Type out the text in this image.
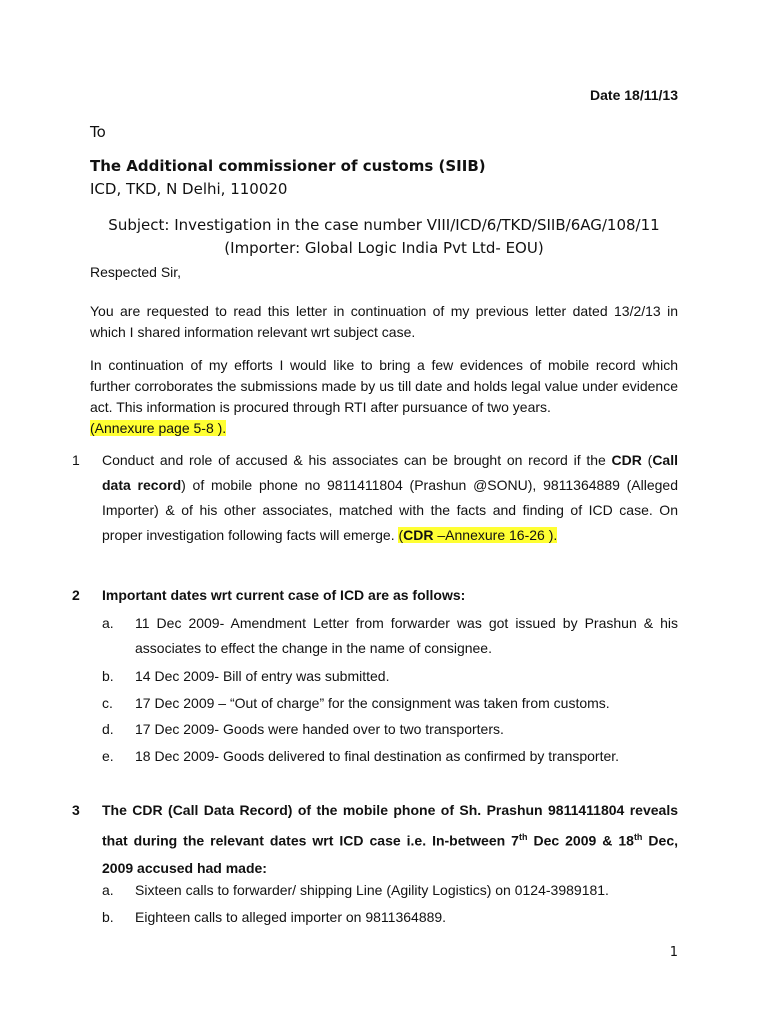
Date 18/11/13
To
The Additional commissioner of customs (SIIB)
ICD, TKD, N Delhi, 110020
Subject: Investigation in the case number VIII/ICD/6/TKD/SIIB/6AG/108/11
(Importer: Global Logic India Pvt Ltd- EOU)
Respected Sir,
You are requested to read this letter in continuation of my previous letter dated 13/2/13 in which I shared information relevant wrt subject case.
In continuation of my efforts I would like to bring a few evidences of mobile record which further corroborates the submissions made by us till date and holds legal value under evidence act. This information is procured through RTI after pursuance of two years.
(Annexure page 5-8 ).
1 Conduct and role of accused & his associates can be brought on record if the CDR (Call data record) of mobile phone no 9811411804 (Prashun @SONU), 9811364889 (Alleged Importer) & of his other associates, matched with the facts and finding of ICD case. On proper investigation following facts will emerge. (CDR –Annexure 16-26 ).
2 Important dates wrt current case of ICD are as follows:
a. 11 Dec 2009- Amendment Letter from forwarder was got issued by Prashun & his associates to effect the change in the name of consignee.
b. 14 Dec 2009- Bill of entry was submitted.
c. 17 Dec 2009 – “Out of charge” for the consignment was taken from customs.
d. 17 Dec 2009- Goods were handed over to two transporters.
e. 18 Dec 2009- Goods delivered to final destination as confirmed by transporter.
3 The CDR (Call Data Record) of the mobile phone of Sh. Prashun 9811411804 reveals that during the relevant dates wrt ICD case i.e. In-between 7th Dec 2009 & 18th Dec, 2009 accused had made:
a. Sixteen calls to forwarder/ shipping Line (Agility Logistics) on 0124-3989181.
b. Eighteen calls to alleged importer on 9811364889.
1
